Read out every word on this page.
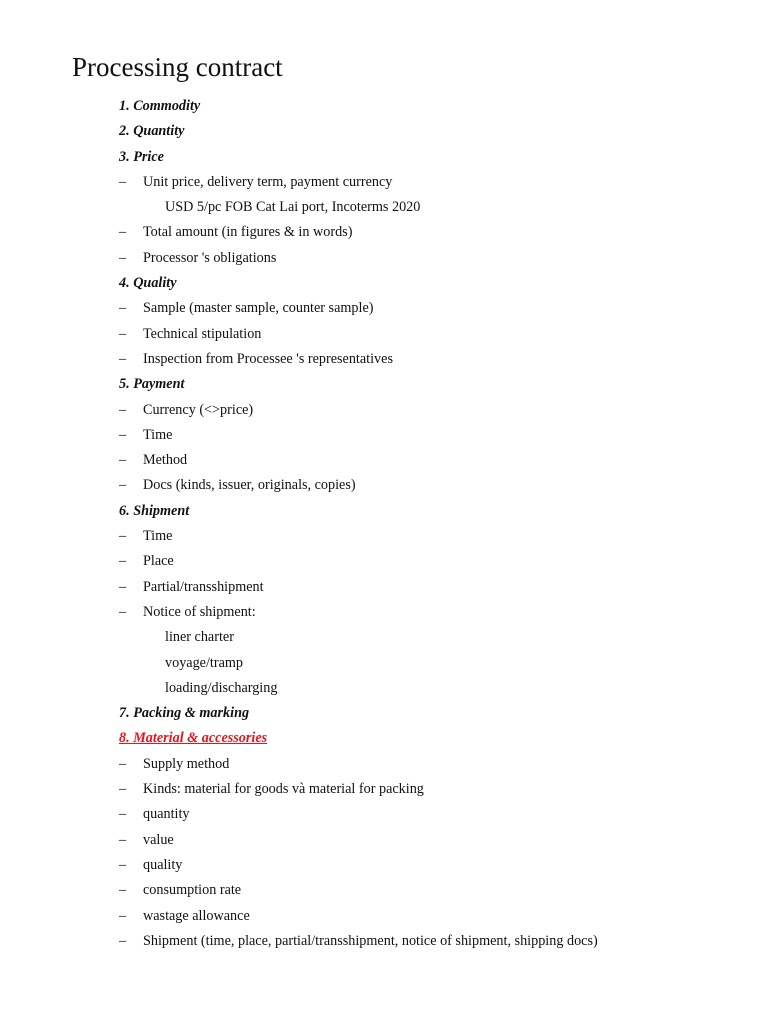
Processing contract
1. Commodity
2. Quantity
3. Price
– Unit price, delivery term, payment currency
USD 5/pc FOB Cat Lai port, Incoterms 2020
– Total amount (in figures & in words)
– Processor 's obligations
4. Quality
– Sample (master sample, counter sample)
– Technical stipulation
– Inspection from Processee 's representatives
5. Payment
– Currency (<>price)
– Time
– Method
– Docs (kinds, issuer, originals, copies)
6. Shipment
– Time
– Place
– Partial/transshipment
– Notice of shipment:
liner charter
voyage/tramp
loading/discharging
7. Packing & marking
8. Material & accessories
– Supply method
– Kinds: material for goods và material for packing
– quantity
– value
– quality
– consumption rate
– wastage allowance
– Shipment (time, place, partial/transshipment, notice of shipment, shipping docs)
